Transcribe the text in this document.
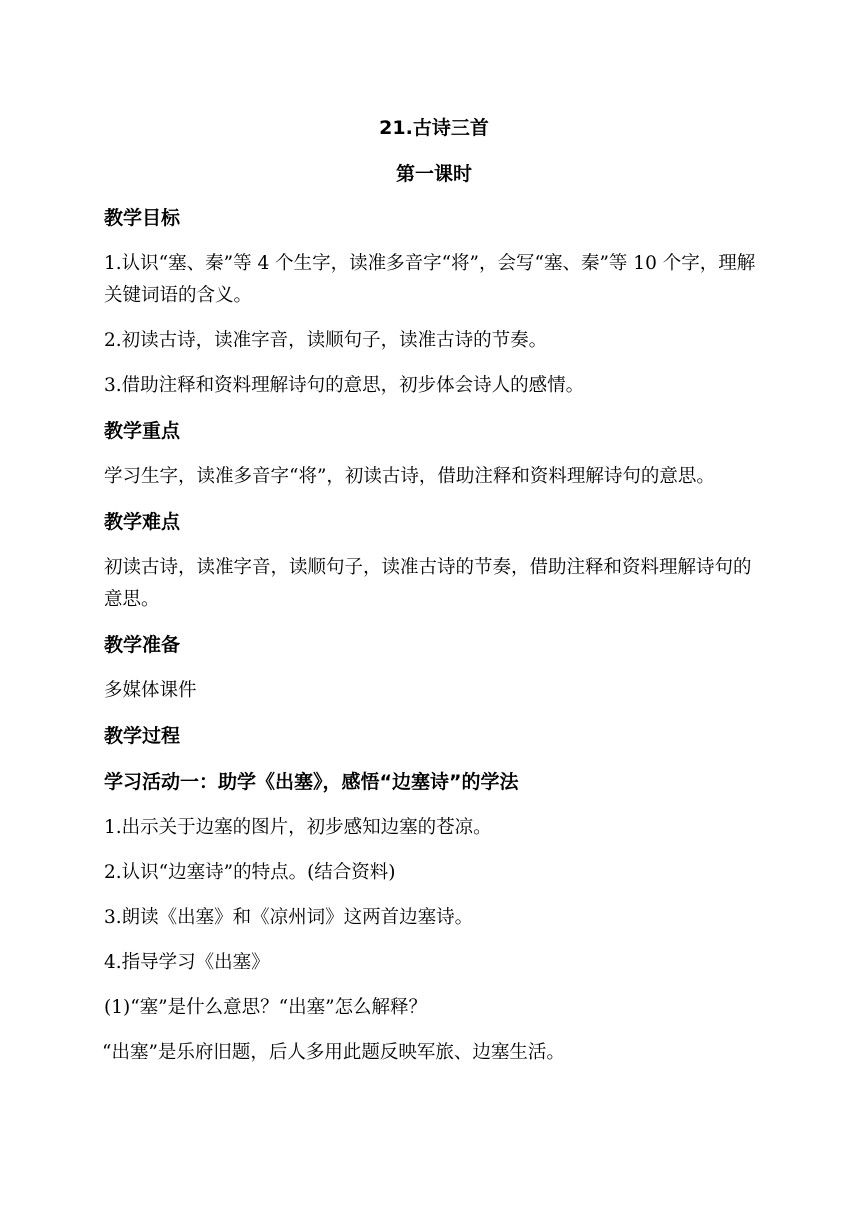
21.古诗三首
第一课时
教学目标
1.认识“塞、秦”等 4 个生字，读准多音字“将”，会写“塞、秦”等 10 个字，理解关键词语的含义。
2.初读古诗，读准字音，读顺句子，读准古诗的节奏。
3.借助注释和资料理解诗句的意思，初步体会诗人的感情。
教学重点
学习生字，读准多音字“将”，初读古诗，借助注释和资料理解诗句的意思。
教学难点
初读古诗，读准字音，读顺句子，读准古诗的节奏，借助注释和资料理解诗句的意思。
教学准备
多媒体课件
教学过程
学习活动一：助学《出塞》，感悟“边塞诗”的学法
1.出示关于边塞的图片，初步感知边塞的苍凉。
2.认识“边塞诗”的特点。(结合资料)
3.朗读《出塞》和《凉州词》这两首边塞诗。
4.指导学习《出塞》
(1)“塞”是什么意思？“出塞”怎么解释？
“出塞”是乐府旧题，后人多用此题反映军旅、边塞生活。
